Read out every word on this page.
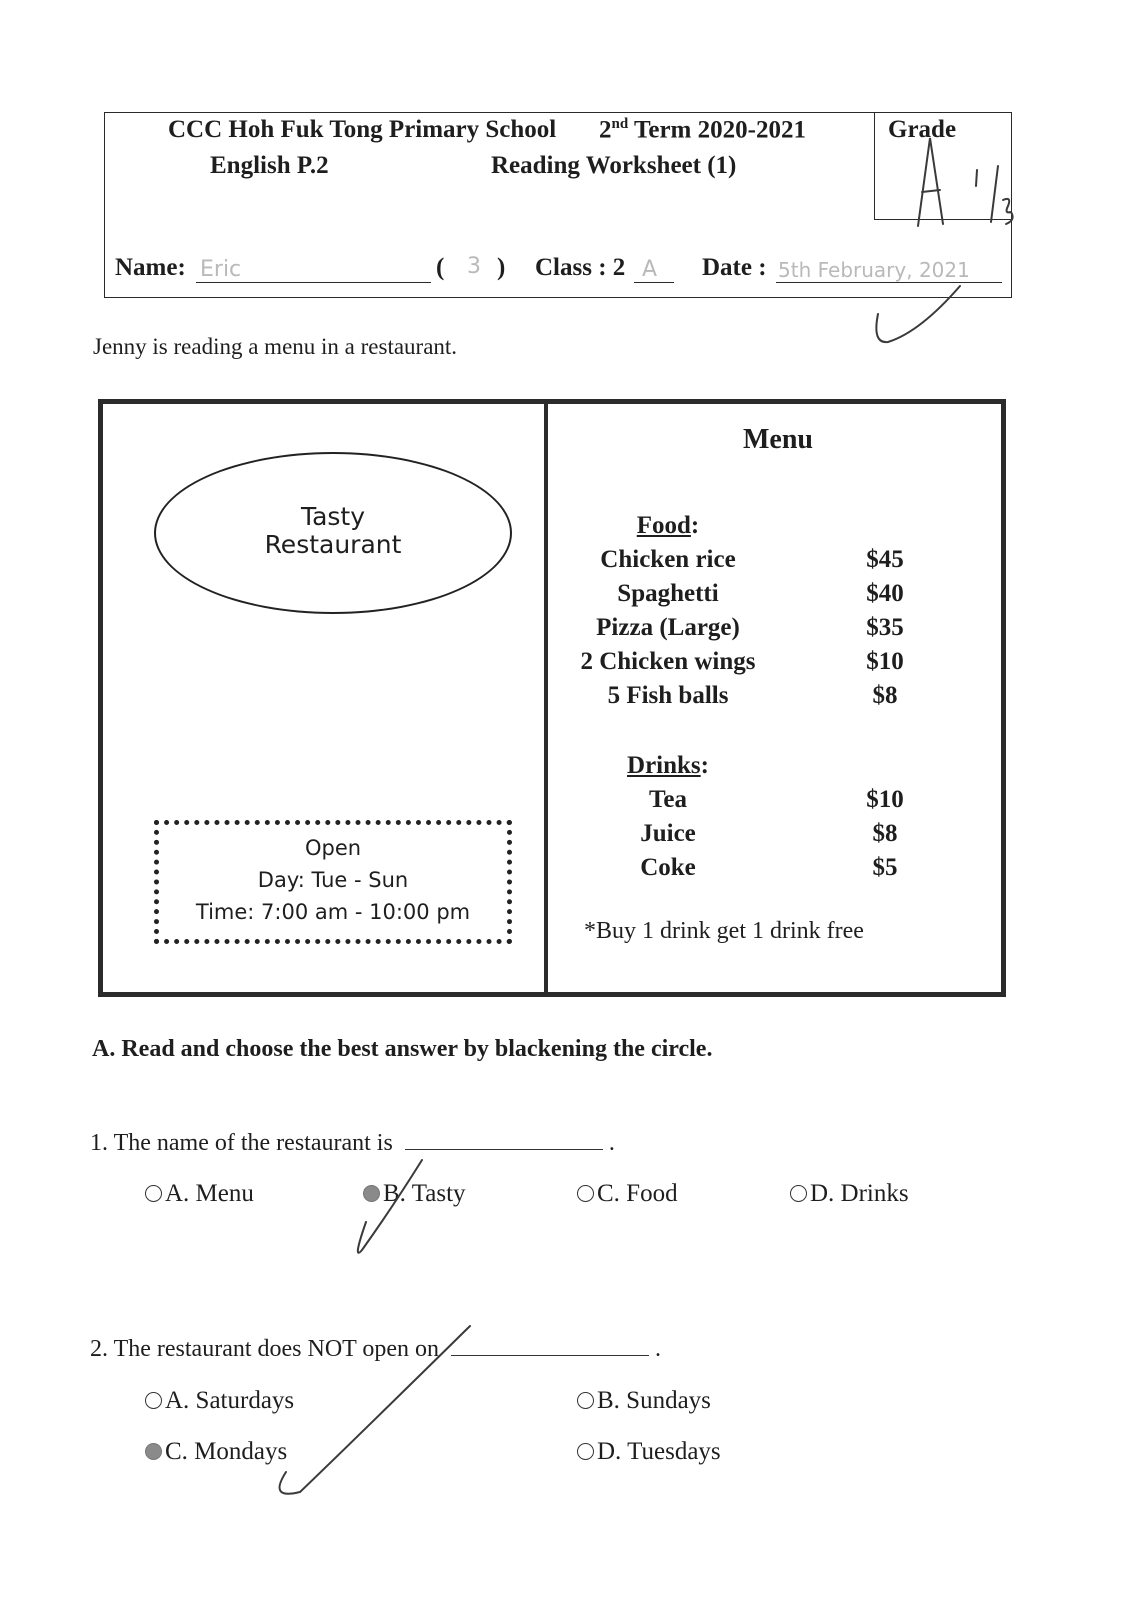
CCC Hoh Fuk Tong Primary School 2nd Term 2020-2021
English P.2	Reading Worksheet (1)
Grade
Name: Eric	( 3 ) Class : 2 A Date : 5th February, 2021
Jenny is reading a menu in a restaurant.
Tasty
Restaurant
Open
Day: Tue - Sun
Time: 7:00 am - 10:00 pm
Menu
Food:
Chicken rice	$45
Spaghetti	$40
Pizza (Large)	$35
2 Chicken wings	$10
5 Fish balls	$8
Drinks:
Tea	$10
Juice	$8
Coke	$5
*Buy 1 drink get 1 drink free
A. Read and choose the best answer by blackening the circle.
1. The name of the restaurant is	.
A. Menu	B. Tasty	C. Food	D. Drinks
2. The restaurant does NOT open on	.
A. Saturdays	B. Sundays
C. Mondays	D. Tuesdays
